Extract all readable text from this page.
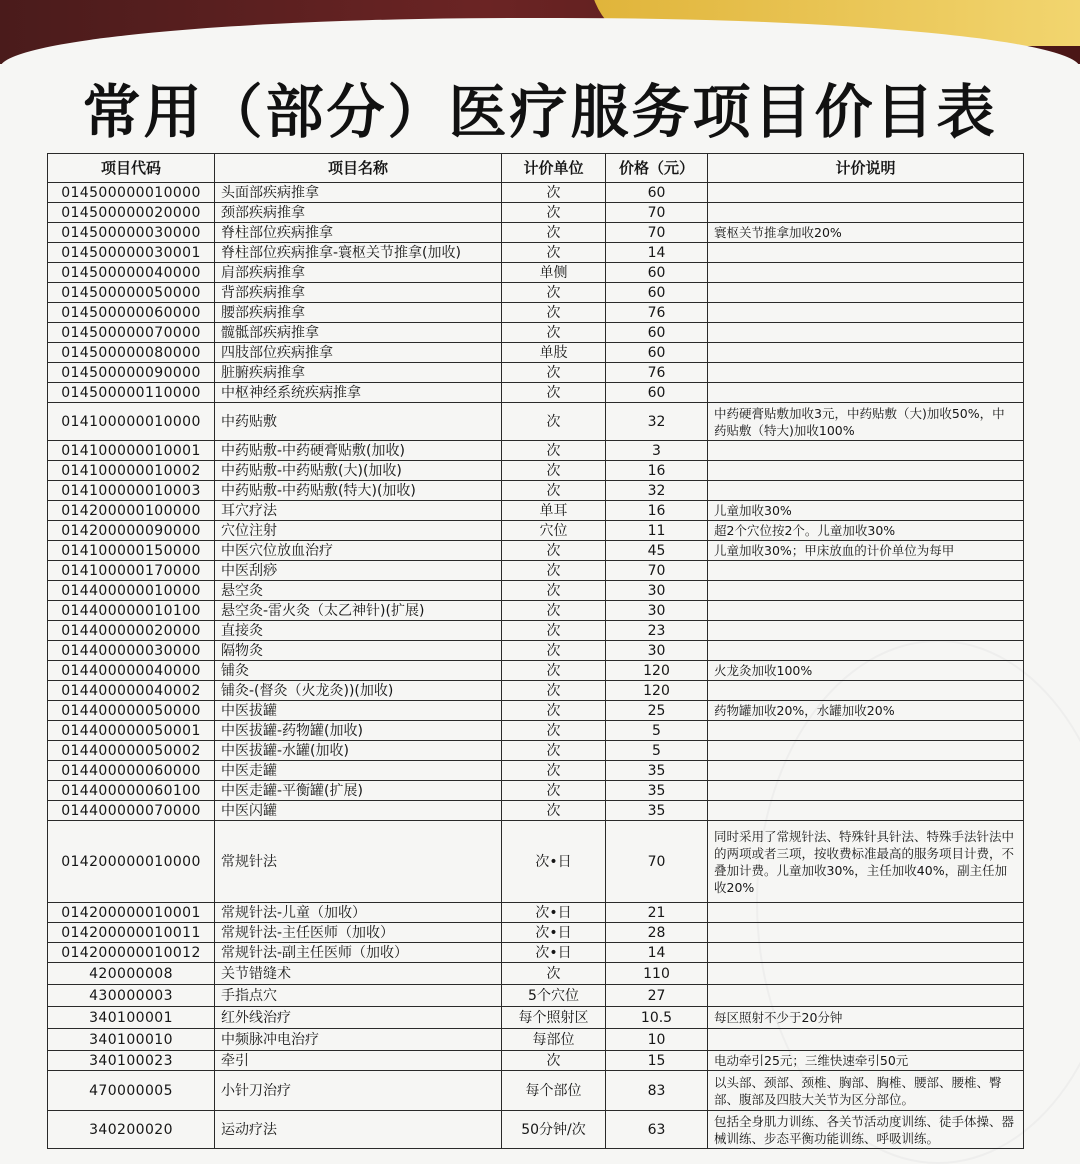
常用（部分）医疗服务项目价目表
项目代码	项目名称	计价单位	价格（元）	计价说明
014500000010000	头面部疾病推拿	次	60	
014500000020000	颈部疾病推拿	次	70	
014500000030000	脊柱部位疾病推拿	次	70	寰枢关节推拿加收20%
014500000030001	脊柱部位疾病推拿-寰枢关节推拿(加收)	次	14	
014500000040000	肩部疾病推拿	单侧	60	
014500000050000	背部疾病推拿	次	60	
014500000060000	腰部疾病推拿	次	76	
014500000070000	髋骶部疾病推拿	次	60	
014500000080000	四肢部位疾病推拿	单肢	60	
014500000090000	脏腑疾病推拿	次	76	
014500000110000	中枢神经系统疾病推拿	次	60	
014100000010000	中药贴敷	次	32	中药硬膏贴敷加收3元，中药贴敷（大)加收50%，中药贴敷（特大)加收100%
014100000010001	中药贴敷-中药硬膏贴敷(加收)	次	3	
014100000010002	中药贴敷-中药贴敷(大)(加收)	次	16	
014100000010003	中药贴敷-中药贴敷(特大)(加收)	次	32	
014200000100000	耳穴疗法	单耳	16	儿童加收30%
014200000090000	穴位注射	穴位	11	超2个穴位按2个。儿童加收30%
014100000150000	中医穴位放血治疗	次	45	儿童加收30%；甲床放血的计价单位为每甲
014100000170000	中医刮痧	次	70	
014400000010000	悬空灸	次	30	
014400000010100	悬空灸-雷火灸（太乙神针)(扩展)	次	30	
014400000020000	直接灸	次	23	
014400000030000	隔物灸	次	30	
014400000040000	铺灸	次	120	火龙灸加收100%
014400000040002	铺灸-(督灸（火龙灸))(加收)	次	120	
014400000050000	中医拔罐	次	25	药物罐加收20%，水罐加收20%
014400000050001	中医拔罐-药物罐(加收)	次	5	
014400000050002	中医拔罐-水罐(加收)	次	5	
014400000060000	中医走罐	次	35	
014400000060100	中医走罐-平衡罐(扩展)	次	35	
014400000070000	中医闪罐	次	35	
014200000010000	常规针法	次•日	70	同时采用了常规针法、特殊针具针法、特殊手法针法中的两项或者三项，按收费标准最高的服务项目计费，不叠加计费。儿童加收30%，主任加收40%，副主任加收20%
014200000010001	常规针法-儿童（加收）	次•日	21	
014200000010011	常规针法-主任医师（加收）	次•日	28	
014200000010012	常规针法-副主任医师（加收）	次•日	14	
420000008	关节错缝术	次	110	
430000003	手指点穴	5个穴位	27	
340100001	红外线治疗	每个照射区	10.5	每区照射不少于20分钟
340100010	中频脉冲电治疗	每部位	10	
340100023	牵引	次	15	电动牵引25元；三维快速牵引50元
470000005	小针刀治疗	每个部位	83	以头部、颈部、颈椎、胸部、胸椎、腰部、腰椎、臀部、腹部及四肢大关节为区分部位。
340200020	运动疗法	50分钟/次	63	包括全身肌力训练、各关节活动度训练、徒手体操、器械训练、步态平衡功能训练、呼吸训练。
